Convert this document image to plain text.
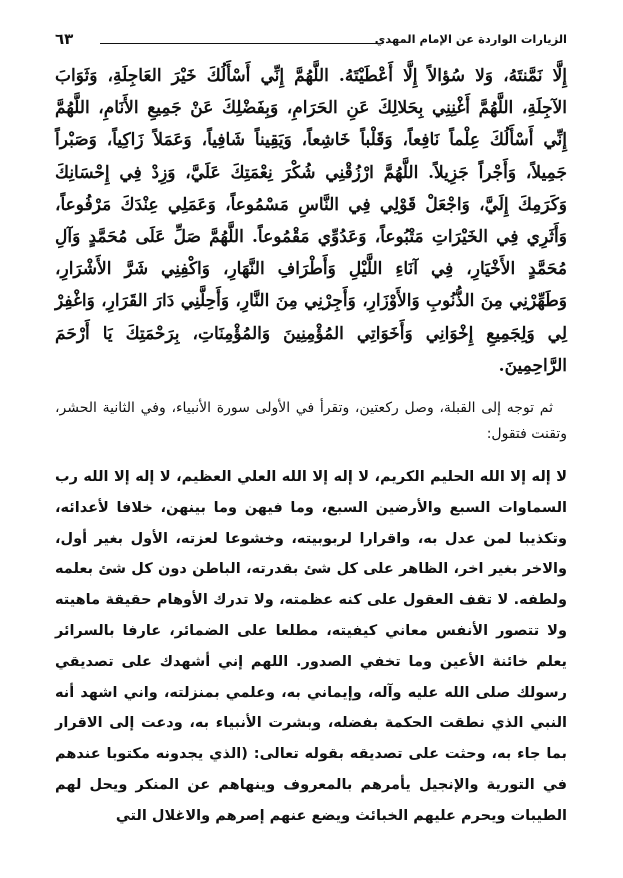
الزيارات الواردة عن الإمام المهدي
٦٣
إِلَّا نَمَّنتَهُ، وَلا سُؤالاً إِلَّا أَعْطَيْتَهُ. اللَّهُمَّ إِنِّي أَسْأَلُكَ خَيْرَ العَاجِلَةِ، وَثَوَابَ الآجِلَةِ، اللَّهُمَّ أَغْنِنِي بِحَلالِكَ عَنِ الحَرَامِ، وَبِفَضْلِكَ عَنْ جَمِيعِ الأَنَامِ، اللَّهُمَّ إِنِّي أَسْأَلُكَ عِلْماً نَافِعاً، وَقَلْباً خَاشِعاً، وَيَقِيناً شَافِياً، وَعَمَلاً زَاكِياً، وَصَبْراً جَمِيلاً، وَأَجْراً جَزِيلاً. اللَّهُمَّ ارْزُقْنِي شُكْرَ نِعْمَتِكَ عَلَيَّ، وَزِدْ فِي إِحْسَانِكَ وَكَرَمِكَ إِلَيَّ، وَاجْعَلْ قَوْلِي فِي النَّاسِ مَسْمُوعاً، وَعَمَلِي عِنْدَكَ مَرْفُوعاً، وَأَثَرِي فِي الخَيْرَاتِ مَتْبُوعاً، وَعَدُوِّي مَقْمُوعاً. اللَّهُمَّ صَلِّ عَلَى مُحَمَّدٍ وَآلِ مُحَمَّدٍ الأَخْيَارِ، فِي آنَاءِ اللَّيْلِ وَأَطْرَافِ النَّهَارِ، وَاكْفِنِي شَرَّ الأَشْرَارِ، وَطَهِّرْنِي مِنَ الذُّنُوبِ وَالأَوْزَارِ، وَأَجِرْنِي مِنَ النَّارِ، وَأَحِلَّنِي دَارَ القَرَارِ، وَاغْفِرْ لِي وَلِجَمِيعِ إِخْوَانِي وَأَخَوَاتِي المُؤْمِنِينَ وَالمُؤْمِنَاتِ، بِرَحْمَتِكَ يَا أَرْحَمَ الرَّاحِمِينَ.
ثم توجه إلى القبلة، وصل ركعتين، وتقرأ في الأولى سورة الأنبياء، وفي الثانية الحشر، وتقنت فتقول:
لا إله إلا الله الحليم الكريم، لا إله إلا الله العلي العظيم، لا إله إلا الله رب السماوات السبع والأرضين السبع، وما فيهن وما بينهن، خلافا لأعدائه، وتكذيبا لمن عدل به، واقرارا لربوبيته، وخشوعا لعزته، الأول بغير أول، والاخر بغير اخر، الظاهر على كل شئ بقدرته، الباطن دون كل شئ بعلمه ولطفه. لا تقف العقول على كنه عظمته، ولا تدرك الأوهام حقيقة ماهيته ولا تتصور الأنفس معاني كيفيته، مطلعا على الضمائر، عارفا بالسرائر يعلم خائنة الأعين وما تخفي الصدور. اللهم إني أشهدك على تصديقي رسولك صلى الله عليه وآله، وإيماني به، وعلمي بمنزلته، واني اشهد أنه النبي الذي نطقت الحكمة بفضله، وبشرت الأنبياء به، ودعت إلى الاقرار بما جاء به، وحثت على تصديقه بقوله تعالى: (الذي يجدونه مكتوبا عندهم في التورية والإنجيل يأمرهم بالمعروف وينهاهم عن المنكر ويحل لهم الطيبات ويحرم عليهم الخبائث ويضع عنهم إصرهم والاغلال التي
